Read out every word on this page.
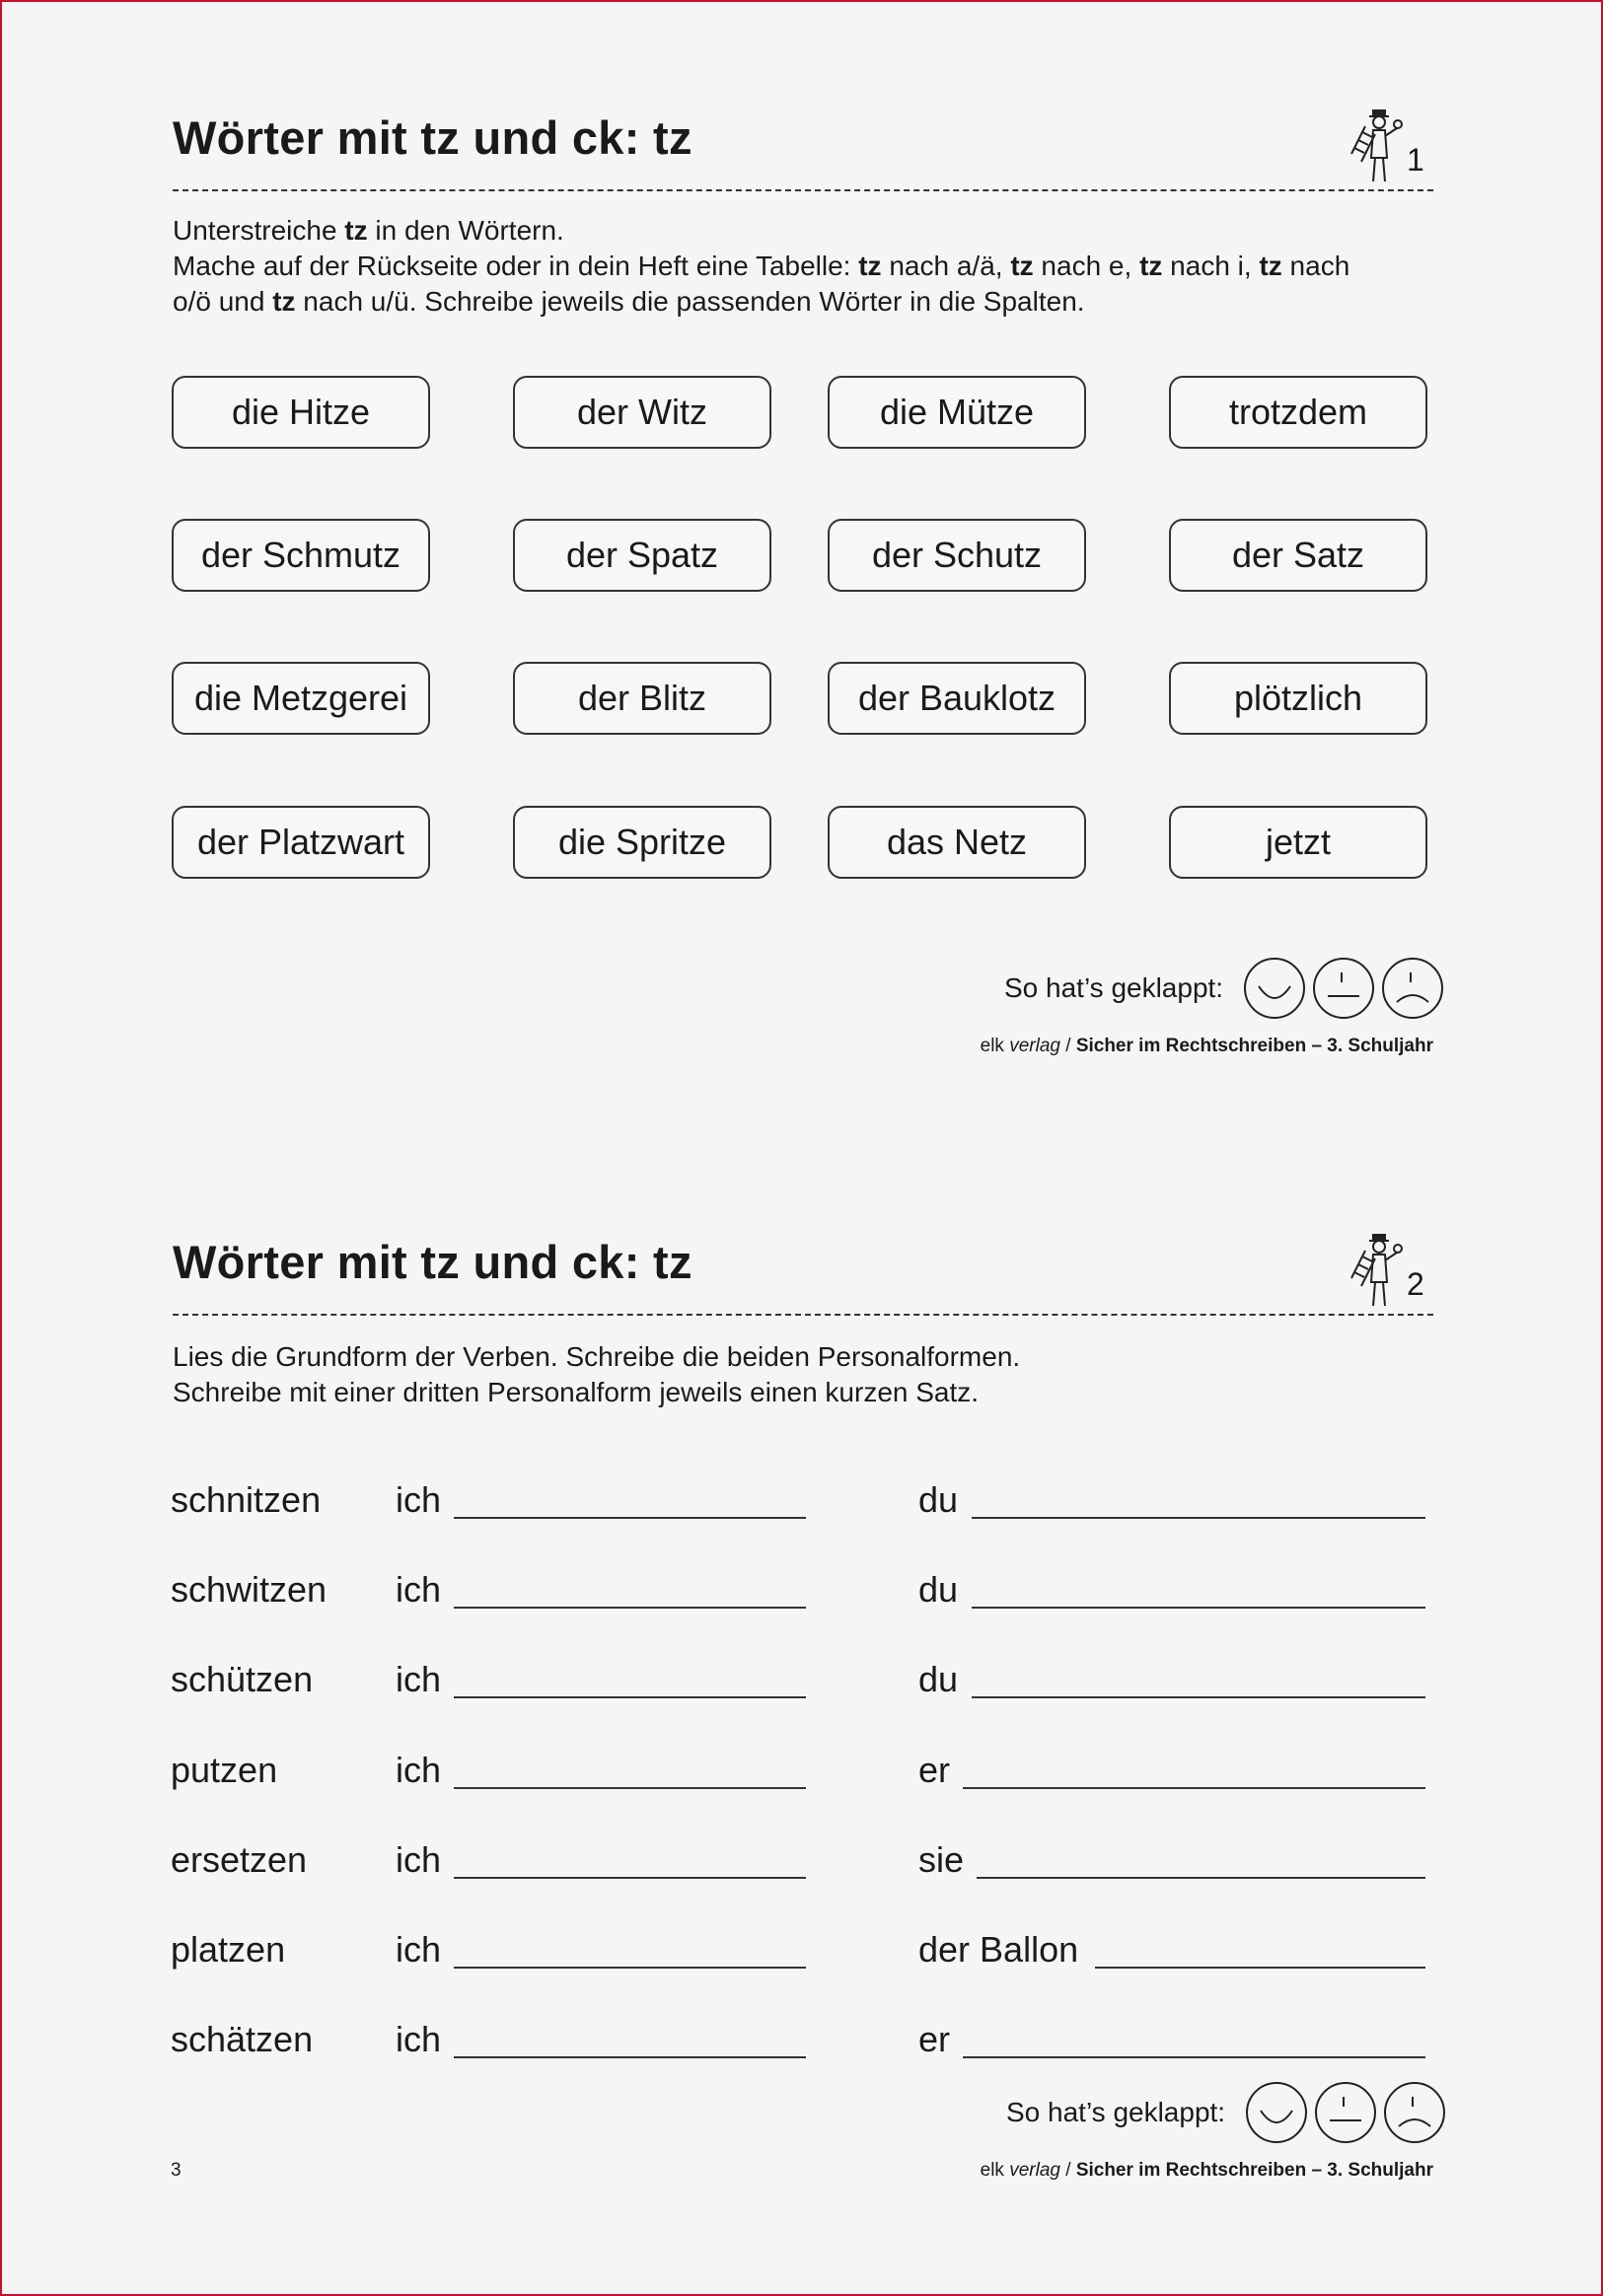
Wörter mit tz und ck: tz	1

Unterstreiche tz in den Wörtern.

Mache auf der Rückseite oder in dein Heft eine Tabelle: tz nach a/ä, tz nach e, tz nach i, tz nach

o/ö und tz nach u/ü. Schreibe jeweils die passenden Wörter in die Spalten.

die Hitze	der Witz	die Mütze	trotzdem
der Schmutz	der Spatz	der Schutz	der Satz
die Metzgerei	der Blitz	der Bauklotz	plötzlich
der Platzwart	die Spritze	das Netz	jetzt
So hat’s geklappt:
elk verlag / Sicher im Rechtschreiben – 3. Schuljahr
Wörter mit tz und ck: tz	2

Lies die Grundform der Verben. Schreibe die beiden Personalformen.

Schreibe mit einer dritten Personalform jeweils einen kurzen Satz.

schnitzen ich	du
schwitzen ich	du
schützen ich	du
putzen	ich	er
ersetzen ich	sie
platzen	ich	der Ballon
schätzen ich	er
So hat’s geklappt:
3	elk verlag / Sicher im Rechtschreiben – 3. Schuljahr
